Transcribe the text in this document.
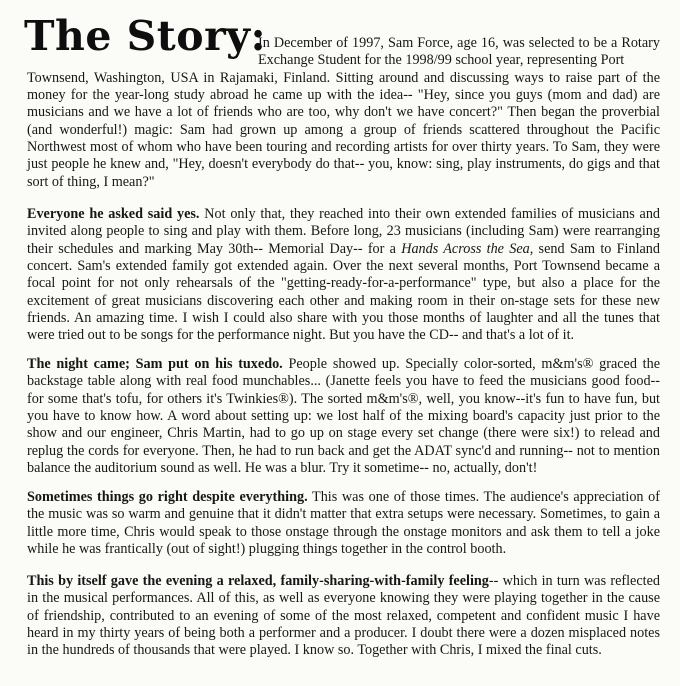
The Story:

In December of 1997, Sam Force, age 16, was selected to be a Rotary Exchange Student for the 1998/99 school year, representing Port

Townsend, Washington, USA in Rajamaki, Finland. Sitting around and discussing ways to raise part of the money for the year-long study abroad he came up with the idea-- "Hey, since you guys (mom and dad) are musicians and we have a lot of friends who are too, why don't we have concert?" Then began the proverbial (and wonderful!) magic: Sam had grown up among a group of friends scattered throughout the Pacific Northwest most of whom who have been touring and recording artists for over thirty years. To Sam, they were just people he knew and, "Hey, doesn't everybody do that-- you, know: sing, play instruments, do gigs and that sort of thing, I mean?"

Everyone he asked said yes. Not only that, they reached into their own extended families of musicians and invited along people to sing and play with them. Before long, 23 musicians (including Sam) were rearranging their schedules and marking May 30th-- Memorial Day-- for a Hands Across the Sea, send Sam to Finland concert. Sam's extended family got extended again. Over the next several months, Port Townsend became a focal point for not only rehearsals of the "getting-ready-for-a-performance" type, but also a place for the excitement of great musicians discovering each other and making room in their on-stage sets for these new friends. An amazing time. I wish I could also share with you those months of laughter and all the tunes that were tried out to be songs for the performance night. But you have the CD-- and that's a lot of it.

The night came; Sam put on his tuxedo. People showed up. Specially color-sorted, m&m's® graced the backstage table along with real food munchables... (Janette feels you have to feed the musicians good food-- for some that's tofu, for others it's Twinkies®). The sorted m&m's®, well, you know--it's fun to have fun, but you have to know how. A word about setting up: we lost half of the mixing board's capacity just prior to the show and our engineer, Chris Martin, had to go up on stage every set change (there were six!) to relead and replug the cords for everyone. Then, he had to run back and get the ADAT sync'd and running-- not to mention balance the auditorium sound as well. He was a blur. Try it sometime-- no, actually, don't!

Sometimes things go right despite everything. This was one of those times. The audience's appreciation of the music was so warm and genuine that it didn't matter that extra setups were necessary. Sometimes, to gain a little more time, Chris would speak to those onstage through the onstage monitors and ask them to tell a joke while he was frantically (out of sight!) plugging things together in the control booth.

This by itself gave the evening a relaxed, family-sharing-with-family feeling-- which in turn was reflected in the musical performances. All of this, as well as everyone knowing they were playing together in the cause of friendship, contributed to an evening of some of the most relaxed, competent and confident music I have heard in my thirty years of being both a performer and a producer. I doubt there were a dozen misplaced notes in the hundreds of thousands that were played. I know so. Together with Chris, I mixed the final cuts.
